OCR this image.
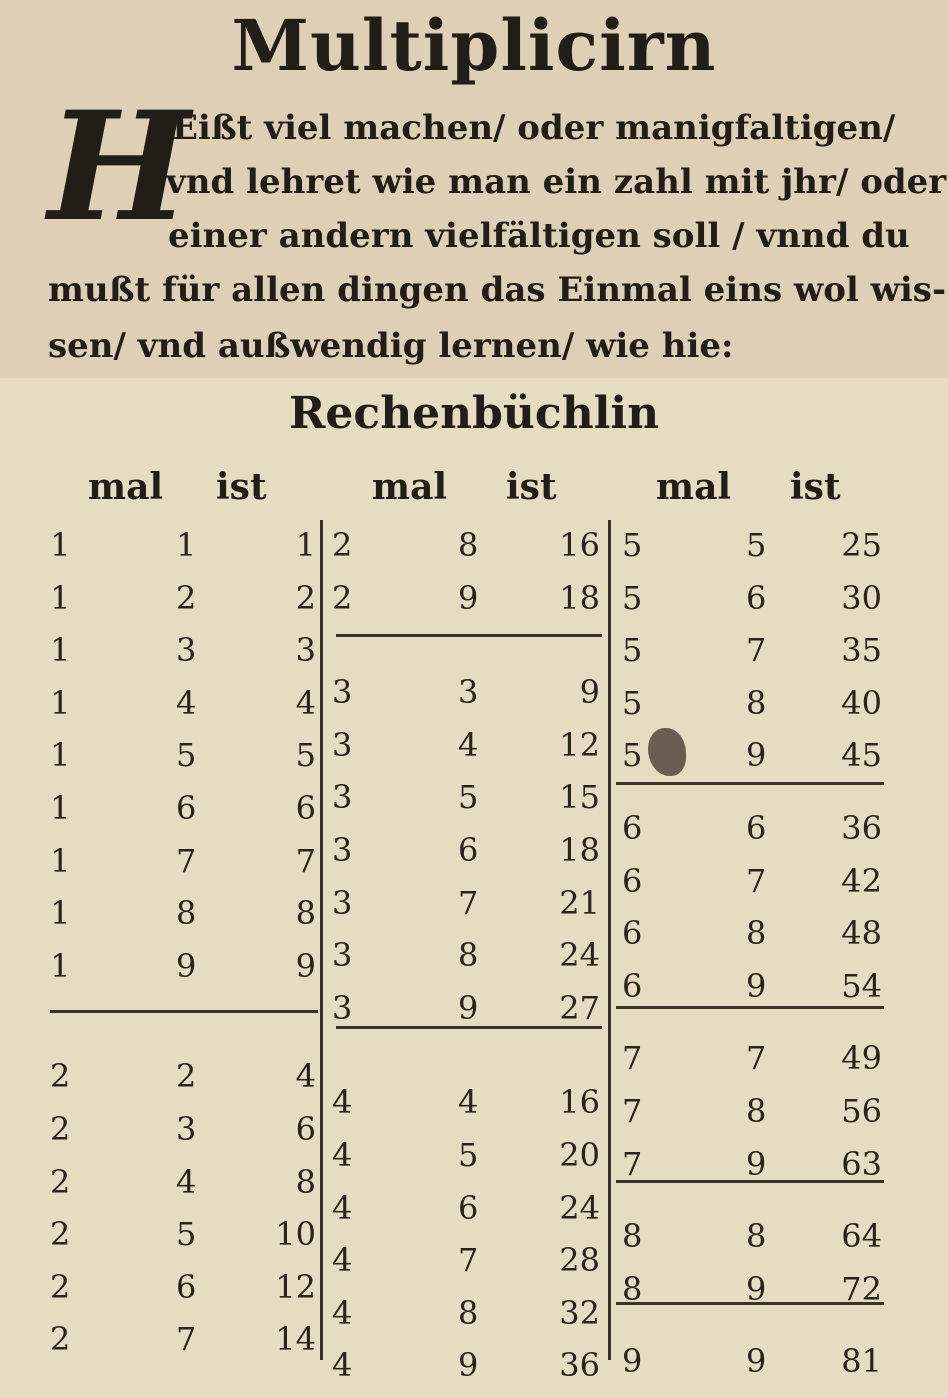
Multiplicirn
H
Eißt viel machen/ oder manigfaltigen/
vnd lehret wie man ein zahl mit jhr/ oder
einer andern vielfältigen soll / vnnd du
mußt für allen dingen das Einmal eins wol wis-
sen/ vnd außwendig lernen/ wie hie:
Rechenbüchlin
mal ist	mal ist	mal ist
1	1	1
1	2	2
1	3	3
1	4	4
1	5	5
1	6	6
1	7	7
1	8	8
1	9	9
2	2	4
2	3	6
2	4	8
2	5	10
2	6	12
2	7	14
2	8	16
2	9	18
3	3	9
3	4	12
3	5	15
3	6	18
3	7	21
3	8	24
3	9	27
4	4	16
4	5	20
4	6	24
4	7	28
4	8	32
4	9	36
5	5	25
5	6	30
5	7	35
5	8	40
5	9	45
6	6	36
6	7	42
6	8	48
6	9	54
7	7	49
7	8	56
7	9	63
8	8	64
8	9	72
9	9	81
